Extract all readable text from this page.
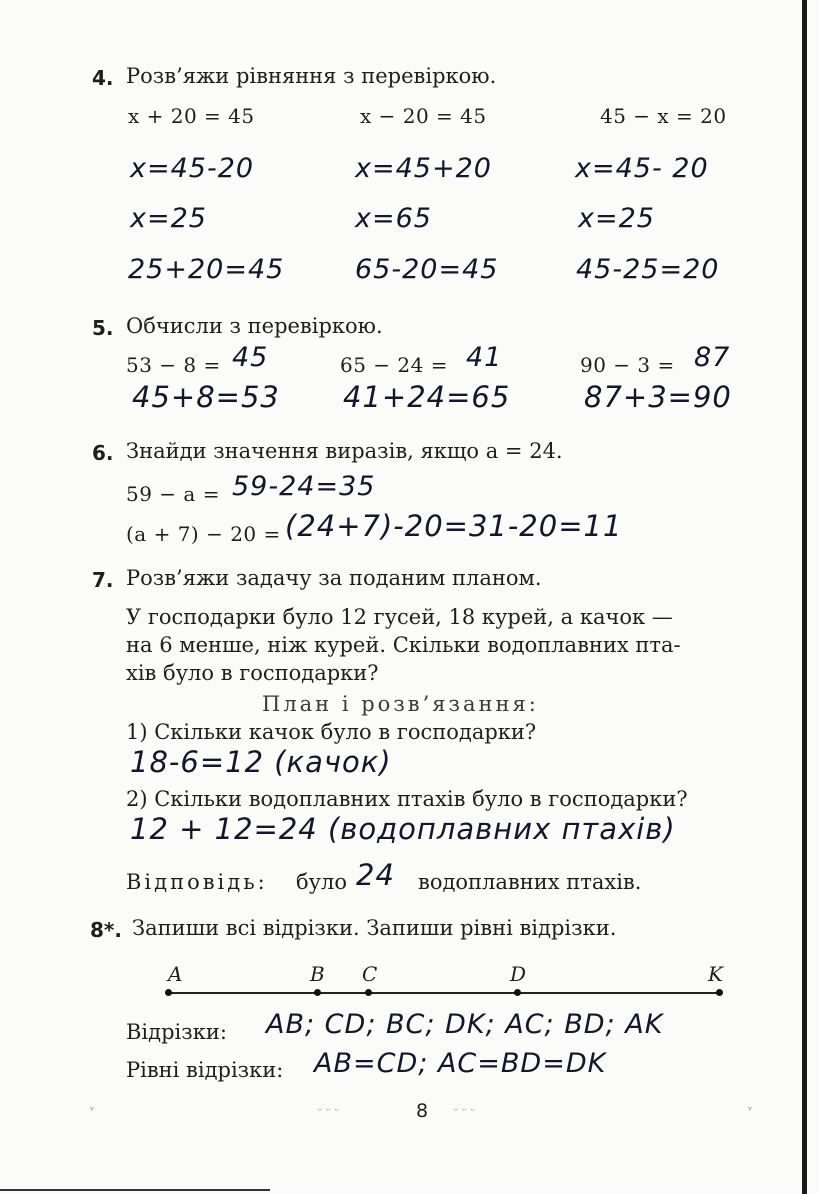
4. Розв’яжи рівняння з перевіркою.
x + 20 = 45	x − 20 = 45	45 − x = 20
x=45-20	x=45+20	x=45- 20
x=25	x=65	x=25
25+20=45	65-20=45	45-25=20
5. Обчисли з перевіркою.
53 − 8 = 45	65 − 24 = 41	90 − 3 = 87
45+8=53 41+24=65	87+3=90
6. Знайди значення виразів, якщо a = 24.
59 − a = 59-24=35
(a + 7) − 20 = (24+7)-20=31-20=11
7. Розв’яжи задачу за поданим планом.
У господарки було 12 гусей, 18 курей, а качок —
на 6 менше, ніж курей. Скільки водоплавних пта-
хів було в господарки?
План і розв’язання:
1) Скільки качок було в господарки?
18-6=12 (качок)
2) Скільки водоплавних птахів було в господарки?
12 + 12=24 (водоплавних птахів)
Відповідь: було 24 водоплавних птахів.
8*. Запиши всі відрізки. Запиши рівні відрізки.
A	B C	D	K
Відрізки: AB; CD; BC; DK; AC; BD; AK
Рівні відрізки: AB=CD; AC=BD=DK
ᵛ	ᵕᵕᵕ	8 ᵕᵕᵕ	ᵛ
